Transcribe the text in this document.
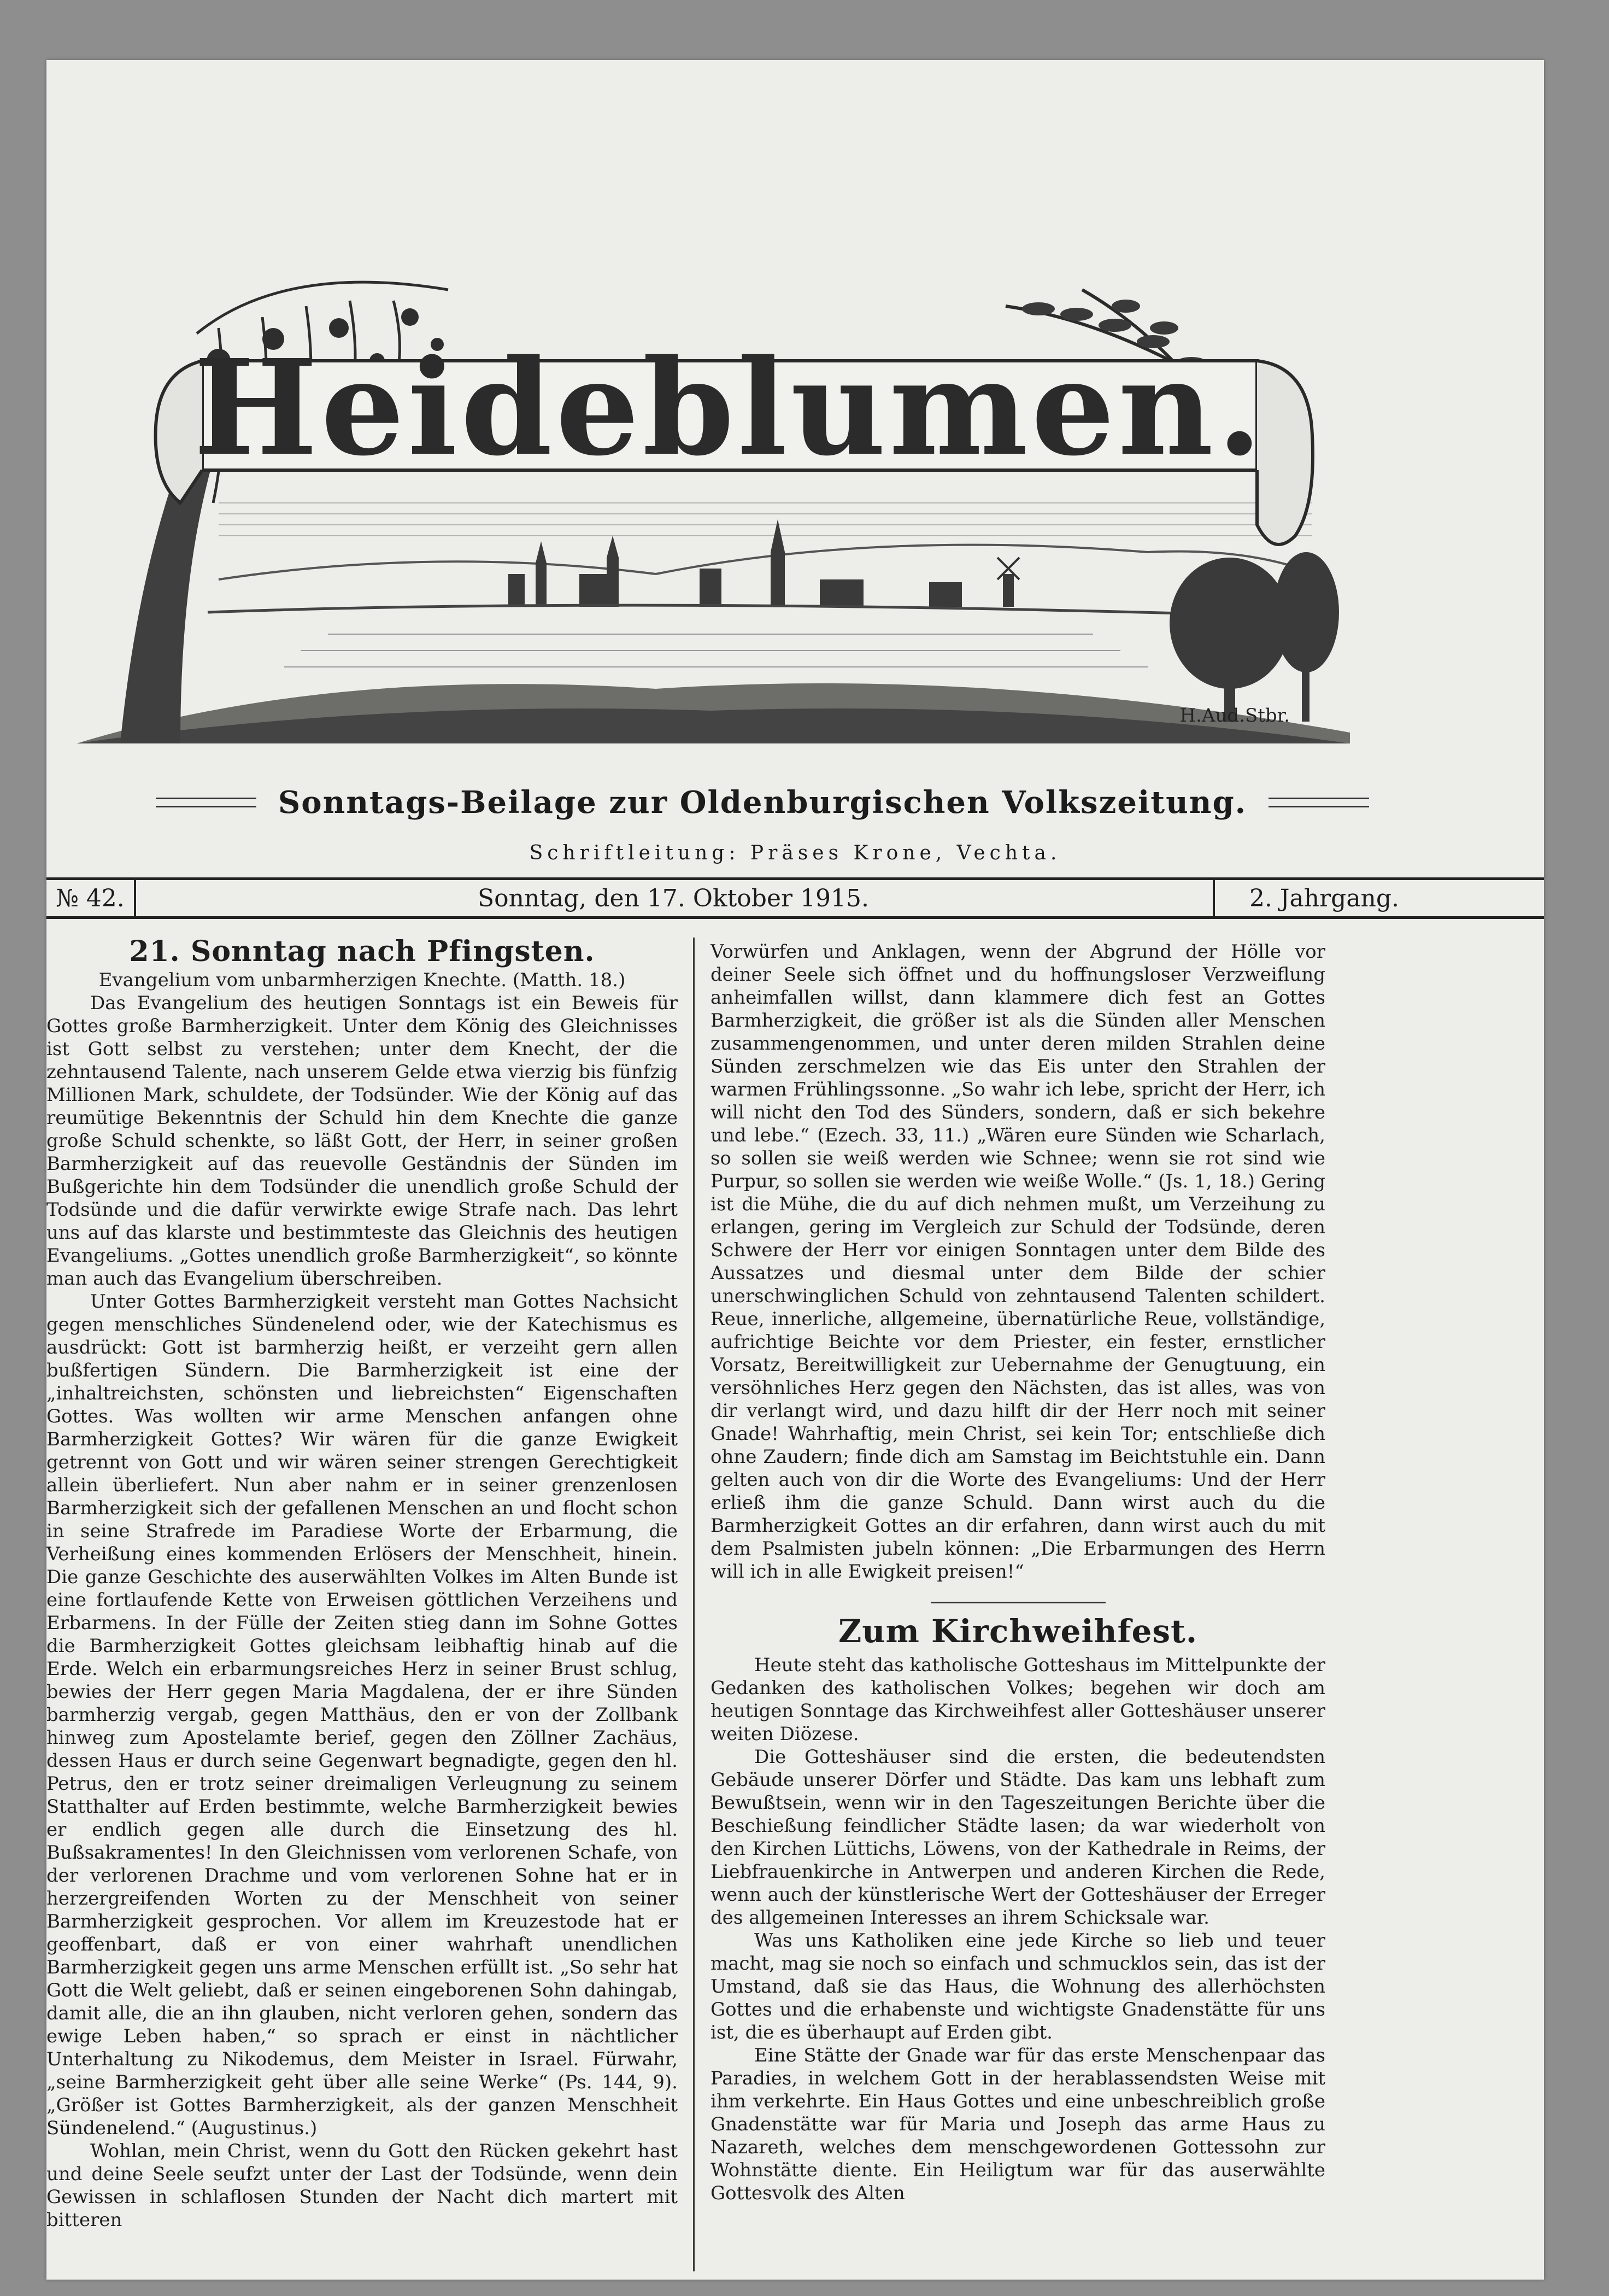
Heideblumen.
H.Aud.Stbr.
Sonntags-Beilage zur Oldenburgischen Volkszeitung.
Schriftleitung: Präses Krone, Vechta.
№ 42.	Sonntag, den 17. Oktober 1915.	2. Jahrgang.
21. Sonntag nach Pfingsten.

Evangelium vom unbarmherzigen Knechte. (Matth. 18.)

Das Evangelium des heutigen Sonntags ist ein Beweis für Gottes große Barmherzigkeit. Unter dem König des Gleichnisses ist Gott selbst zu verstehen; unter dem Knecht, der die zehntausend Talente, nach unserem Gelde etwa vierzig bis fünfzig Millionen Mark, schuldete, der Todsünder. Wie der König auf das reumütige Bekenntnis der Schuld hin dem Knechte die ganze große Schuld schenkte, so läßt Gott, der Herr, in seiner großen Barmherzigkeit auf das reuevolle Geständnis der Sünden im Bußgerichte hin dem Todsünder die unendlich große Schuld der Todsünde und die dafür verwirkte ewige Strafe nach. Das lehrt uns auf das klarste und bestimmteste das Gleichnis des heutigen Evangeliums. „Gottes unendlich große Barmherzigkeit“, so könnte man auch das Evangelium überschreiben.

Unter Gottes Barmherzigkeit versteht man Gottes Nachsicht gegen menschliches Sündenelend oder, wie der Katechismus es ausdrückt: Gott ist barmherzig heißt, er verzeiht gern allen bußfertigen Sündern. Die Barmherzigkeit ist eine der „inhaltreichsten, schönsten und liebreichsten“ Eigenschaften Gottes. Was wollten wir arme Menschen anfangen ohne Barmherzigkeit Gottes? Wir wären für die ganze Ewigkeit getrennt von Gott und wir wären seiner strengen Gerechtigkeit allein überliefert. Nun aber nahm er in seiner grenzenlosen Barmherzigkeit sich der gefallenen Menschen an und flocht schon in seine Strafrede im Paradiese Worte der Erbarmung, die Verheißung eines kommenden Erlösers der Menschheit, hinein. Die ganze Geschichte des auserwählten Volkes im Alten Bunde ist eine fortlaufende Kette von Erweisen göttlichen Verzeihens und Erbarmens. In der Fülle der Zeiten stieg dann im Sohne Gottes die Barmherzigkeit Gottes gleichsam leibhaftig hinab auf die Erde. Welch ein erbarmungsreiches Herz in seiner Brust schlug, bewies der Herr gegen Maria Magdalena, der er ihre Sünden barmherzig vergab, gegen Matthäus, den er von der Zollbank hinweg zum Apostelamte berief, gegen den Zöllner Zachäus, dessen Haus er durch seine Gegenwart begnadigte, gegen den hl. Petrus, den er trotz seiner dreimaligen Verleugnung zu seinem Statthalter auf Erden bestimmte, welche Barmherzigkeit bewies er endlich gegen alle durch die Einsetzung des hl. Bußsakramentes! In den Gleichnissen vom verlorenen Schafe, von der verlorenen Drachme und vom verlorenen Sohne hat er in herzergreifenden Worten zu der Menschheit von seiner Barmherzigkeit gesprochen. Vor allem im Kreuzestode hat er geoffenbart, daß er von einer wahrhaft unendlichen Barmherzigkeit gegen uns arme Menschen erfüllt ist. „So sehr hat Gott die Welt geliebt, daß er seinen eingeborenen Sohn dahingab, damit alle, die an ihn glauben, nicht verloren gehen, sondern das ewige Leben haben,“ so sprach er einst in nächtlicher Unterhaltung zu Nikodemus, dem Meister in Israel. Fürwahr, „seine Barmherzigkeit geht über alle seine Werke“ (Ps. 144, 9). „Größer ist Gottes Barmherzigkeit, als der ganzen Menschheit Sündenelend.“ (Augustinus.)

Wohlan, mein Christ, wenn du Gott den Rücken gekehrt hast und deine Seele seufzt unter der Last der Todsünde, wenn dein Gewissen in schlaflosen Stunden der Nacht dich martert mit bitteren

Vorwürfen und Anklagen, wenn der Abgrund der Hölle vor deiner Seele sich öffnet und du hoffnungsloser Verzweiflung anheimfallen willst, dann klammere dich fest an Gottes Barmherzigkeit, die größer ist als die Sünden aller Menschen zusammengenommen, und unter deren milden Strahlen deine Sünden zerschmelzen wie das Eis unter den Strahlen der warmen Frühlingssonne. „So wahr ich lebe, spricht der Herr, ich will nicht den Tod des Sünders, sondern, daß er sich bekehre und lebe.“ (Ezech. 33, 11.) „Wären eure Sünden wie Scharlach, so sollen sie weiß werden wie Schnee; wenn sie rot sind wie Purpur, so sollen sie werden wie weiße Wolle.“ (Js. 1, 18.) Gering ist die Mühe, die du auf dich nehmen mußt, um Verzeihung zu erlangen, gering im Vergleich zur Schuld der Todsünde, deren Schwere der Herr vor einigen Sonntagen unter dem Bilde des Aussatzes und diesmal unter dem Bilde der schier unerschwinglichen Schuld von zehntausend Talenten schildert. Reue, innerliche, allgemeine, übernatürliche Reue, vollständige, aufrichtige Beichte vor dem Priester, ein fester, ernstlicher Vorsatz, Bereitwilligkeit zur Uebernahme der Genugtuung, ein versöhnliches Herz gegen den Nächsten, das ist alles, was von dir verlangt wird, und dazu hilft dir der Herr noch mit seiner Gnade! Wahrhaftig, mein Christ, sei kein Tor; entschließe dich ohne Zaudern; finde dich am Samstag im Beichtstuhle ein. Dann gelten auch von dir die Worte des Evangeliums: Und der Herr erließ ihm die ganze Schuld. Dann wirst auch du die Barmherzigkeit Gottes an dir erfahren, dann wirst auch du mit dem Psalmisten jubeln können: „Die Erbarmungen des Herrn will ich in alle Ewigkeit preisen!“

Zum Kirchweihfest.

Heute steht das katholische Gotteshaus im Mittelpunkte der Gedanken des katholischen Volkes; begehen wir doch am heutigen Sonntage das Kirchweihfest aller Gotteshäuser unserer weiten Diözese.

Die Gotteshäuser sind die ersten, die bedeutendsten Gebäude unserer Dörfer und Städte. Das kam uns lebhaft zum Bewußtsein, wenn wir in den Tageszeitungen Berichte über die Beschießung feindlicher Städte lasen; da war wiederholt von den Kirchen Lüttichs, Löwens, von der Kathedrale in Reims, der Liebfrauenkirche in Antwerpen und anderen Kirchen die Rede, wenn auch der künstlerische Wert der Gotteshäuser der Erreger des allgemeinen Interesses an ihrem Schicksale war.

Was uns Katholiken eine jede Kirche so lieb und teuer macht, mag sie noch so einfach und schmucklos sein, das ist der Umstand, daß sie das Haus, die Wohnung des allerhöchsten Gottes und die erhabenste und wichtigste Gnadenstätte für uns ist, die es überhaupt auf Erden gibt.

Eine Stätte der Gnade war für das erste Menschenpaar das Paradies, in welchem Gott in der herablassendsten Weise mit ihm verkehrte. Ein Haus Gottes und eine unbeschreiblich große Gnadenstätte war für Maria und Joseph das arme Haus zu Nazareth, welches dem menschgewordenen Gottessohn zur Wohnstätte diente. Ein Heiligtum war für das auserwählte Gottesvolk des Alten
